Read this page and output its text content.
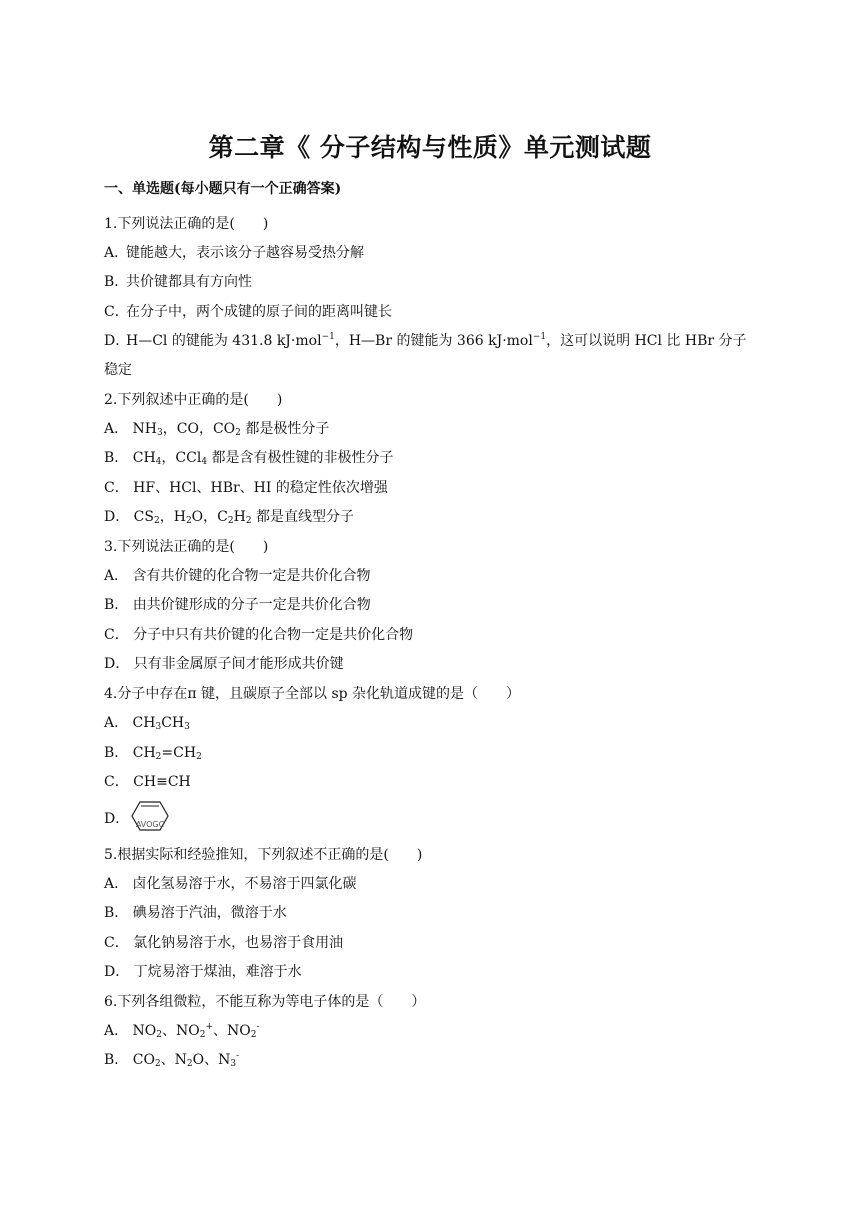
第二章《 分子结构与性质》单元测试题
一、单选题(每小题只有一个正确答案)
1.下列说法正确的是(　　)
A．键能越大，表示该分子越容易受热分解
B．共价键都具有方向性
C．在分子中，两个成键的原子间的距离叫键长
D．H—Cl 的键能为 431.8 kJ·mol$^{-1}$，H—Br 的键能为 366 kJ·mol$^{-1}$，这可以说明 HCl 比 HBr 分子
稳定
2.下列叙述中正确的是(　　)
A． $NH_3$，CO，$CO_2$ 都是极性分子
B． $CH_4$，CCl$_4$ 都是含有极性键的非极性分子
C． HF、HCl、HBr、HI 的稳定性依次增强
D． $CS_2$，$H_2O$，$C_2H_2$ 都是直线型分子
3.下列说法正确的是(　　)
A． 含有共价键的化合物一定是共价化合物
B． 由共价键形成的分子一定是共价化合物
C． 分子中只有共价键的化合物一定是共价化合物
D． 只有非金属原子间才能形成共价键
4.分子中存在π 键，且碳原子全部以 sp 杂化轨道成键的是（　　）
A． $CH_3CH_3$
B． $CH_2=CH_2$
C． CH≡CH
D． AVOGC
5.根据实际和经验推知，下列叙述不正确的是(　　)
A． 卤化氢易溶于水，不易溶于四氯化碳
B． 碘易溶于汽油，微溶于水
C． 氯化钠易溶于水，也易溶于食用油
D． 丁烷易溶于煤油，难溶于水
6.下列各组微粒，不能互称为等电子体的是（　　）
A． $NO_2$、$NO_2^+$、$NO_2^-$
B． $CO_2$、$N_2O$、$N_3^-$
